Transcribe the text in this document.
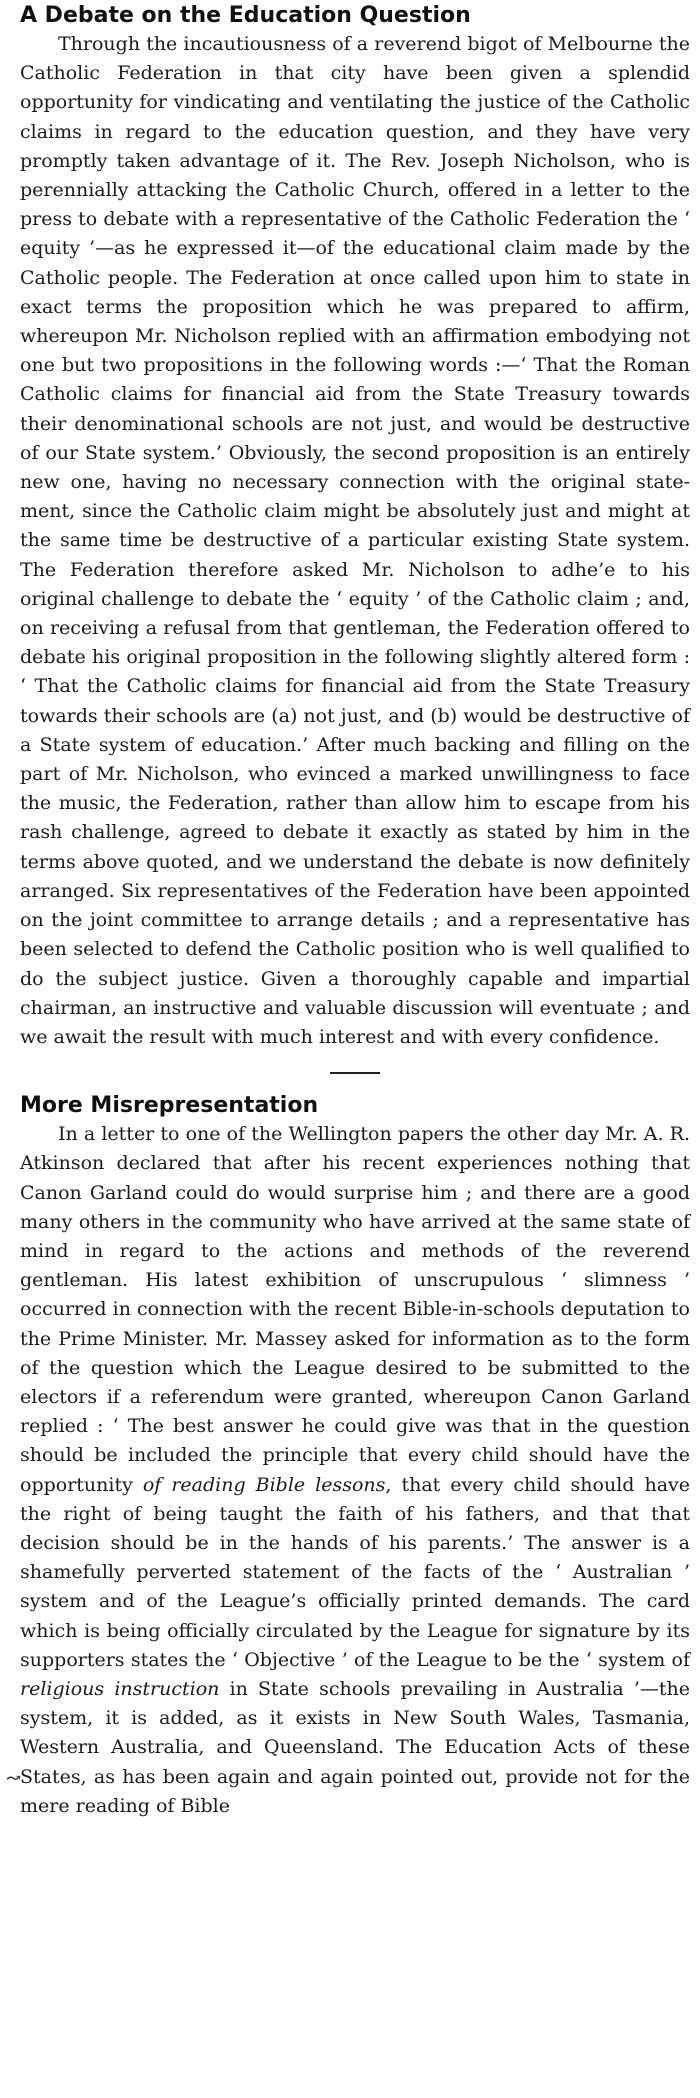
A Debate on the Education Question

Through the incautiousness of a reverend bigot of Melbourne the Catholic Federation in that city have been given a splendid opportunity for vindicating and ventilating the justice of the Catholic claims in regard to the education question, and they have very promptly taken advantage of it. The Rev. Joseph Nicholson, who is perennially attacking the Catholic Church, offered in a letter to the press to debate with a representative of the Catholic Federation the ‘ equity ’—as he expressed it—of the educational claim made by the Catholic people. The Federation at once called upon him to state in exact terms the proposition which he was prepared to affirm, whereupon Mr. Nicholson replied with an affirmation embodying not one but two propositions in the following words :—‘ That the Roman Catholic claims for financial aid from the State Treasury towards their denominational schools are not just, and would be destructive of our State system.’ Obviously, the second proposition is an entirely new one, having no necessary connection with the original statement, since the Catholic claim might be absolutely just and might at the same time be destructive of a particular existing State system. The Federation therefore asked Mr. Nicholson to adhe’e to his original challenge to debate the ‘ equity ’ of the Catholic claim ; and, on receiving a refusal from that gentleman, the Federation offered to debate his original proposition in the following slightly altered form : ‘ That the Catholic claims for financial aid from the State Treasury towards their schools are (a) not just, and (b) would be destructive of a State system of education.’ After much backing and filling on the part of Mr. Nicholson, who evinced a marked unwillingness to face the music, the Federation, rather than allow him to escape from his rash challenge, agreed to debate it exactly as stated by him in the terms above quoted, and we understand the debate is now definitely arranged. Six representatives of the Federation have been appointed on the joint committee to arrange details ; and a representative has been selected to defend the Catholic position who is well qualified to do the subject justice. Given a thoroughly capable and impartial chairman, an instructive and valuable discussion will eventuate ; and we await the result with much interest and with every confidence.

More Misrepresentation

In a letter to one of the Wellington papers the other day Mr. A. R. Atkinson declared that after his recent experiences nothing that Canon Garland could do would surprise him ; and there are a good many others in the community who have arrived at the same state of mind in regard to the actions and methods of the reverend gentleman. His latest exhibition of unscrupulous ‘ slimness ’ occurred in connection with the recent Bible-in-schools deputation to the Prime Minister. Mr. Massey asked for information as to the form of the question which the League desired to be submitted to the electors if a referendum were granted, whereupon Canon Garland replied : ‘ The best answer he could give was that in the question should be included the principle that every child should have the opportunity of reading Bible lessons, that every child should have the right of being taught the faith of his fathers, and that that decision should be in the hands of his parents.’ The answer is a shamefully perverted statement of the facts of the ‘ Australian ’ system and of the League’s officially printed demands. The card which is being officially circulated by the League for signature by its supporters states the ‘ Objective ’ of the League to be the ‘ system of religious instruction in State schools prevailing in Australia ’—the system, it is added, as it exists in New South Wales, Tasmania, Western Australia, and Queensland. The Education Acts of these States, as has been again and again pointed out, provide not for the mere reading of Bible

↝
